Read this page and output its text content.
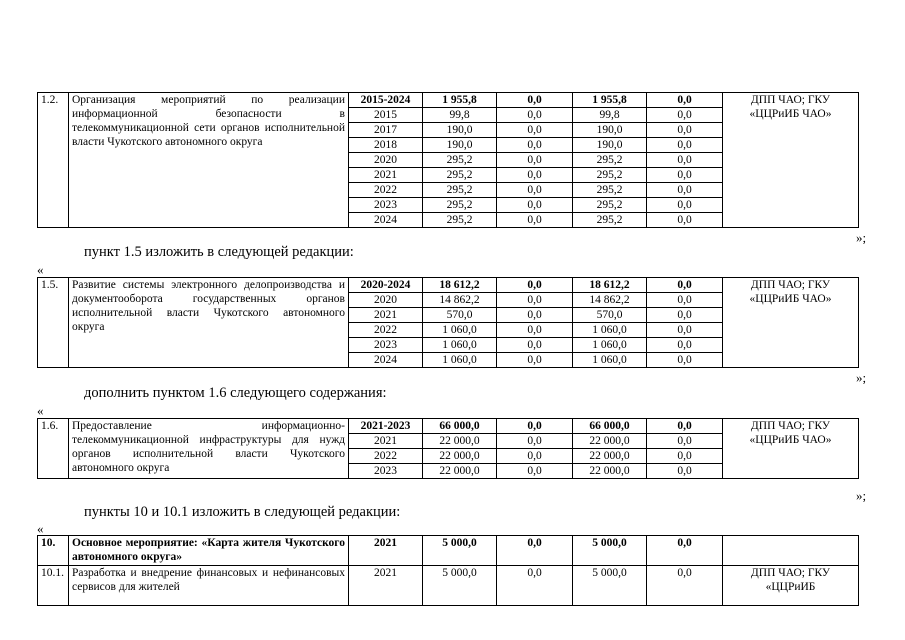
1.2.	Организация мероприятий по реализации информационной безопасности в телекоммуникационной сети органов исполнительной власти Чукотского автономного округа	2015-2024	1 955,8	0,0	1 955,8	0,0	ДПП ЧАО; ГКУ «ЦЦРиИБ ЧАО»
		2015	99,8	0,0	99,8	0,0	
		2017	190,0	0,0	190,0	0,0	
		2018	190,0	0,0	190,0	0,0	
		2020	295,2	0,0	295,2	0,0	
		2021	295,2	0,0	295,2	0,0	
		2022	295,2	0,0	295,2	0,0	
		2023	295,2	0,0	295,2	0,0	
		2024	295,2	0,0	295,2	0,0	
»;
пункт 1.5 изложить в следующей редакции:
«
1.5.	Развитие системы электронного делопроизводства и документооборота государственных органов исполнительной власти Чукотского автономного округа	2020-2024	18 612,2	0,0	18 612,2	0,0	ДПП ЧАО; ГКУ «ЦЦРиИБ ЧАО»
		2020	14 862,2	0,0	14 862,2	0,0	
		2021	570,0	0,0	570,0	0,0	
		2022	1 060,0	0,0	1 060,0	0,0	
		2023	1 060,0	0,0	1 060,0	0,0	
		2024	1 060,0	0,0	1 060,0	0,0	
»;
дополнить пунктом 1.6 следующего содержания:
«
1.6.	Предоставление информационно-телекоммуникационной инфраструктуры для нужд органов исполнительной власти Чукотского автономного округа	2021-2023	66 000,0	0,0	66 000,0	0,0	ДПП ЧАО; ГКУ «ЦЦРиИБ ЧАО»
		2021	22 000,0	0,0	22 000,0	0,0	
		2022	22 000,0	0,0	22 000,0	0,0	
		2023	22 000,0	0,0	22 000,0	0,0	
»;
пункты 10 и 10.1 изложить в следующей редакции:
«
10.	Основное мероприятие: «Карта жителя Чукотского автономного округа»	2021	5 000,0	0,0	5 000,0	0,0	
10.1.	Разработка и внедрение финансовых и нефинансовых сервисов для жителей	2021	5 000,0	0,0	5 000,0	0,0	ДПП ЧАО; ГКУ «ЦЦРиИБ
